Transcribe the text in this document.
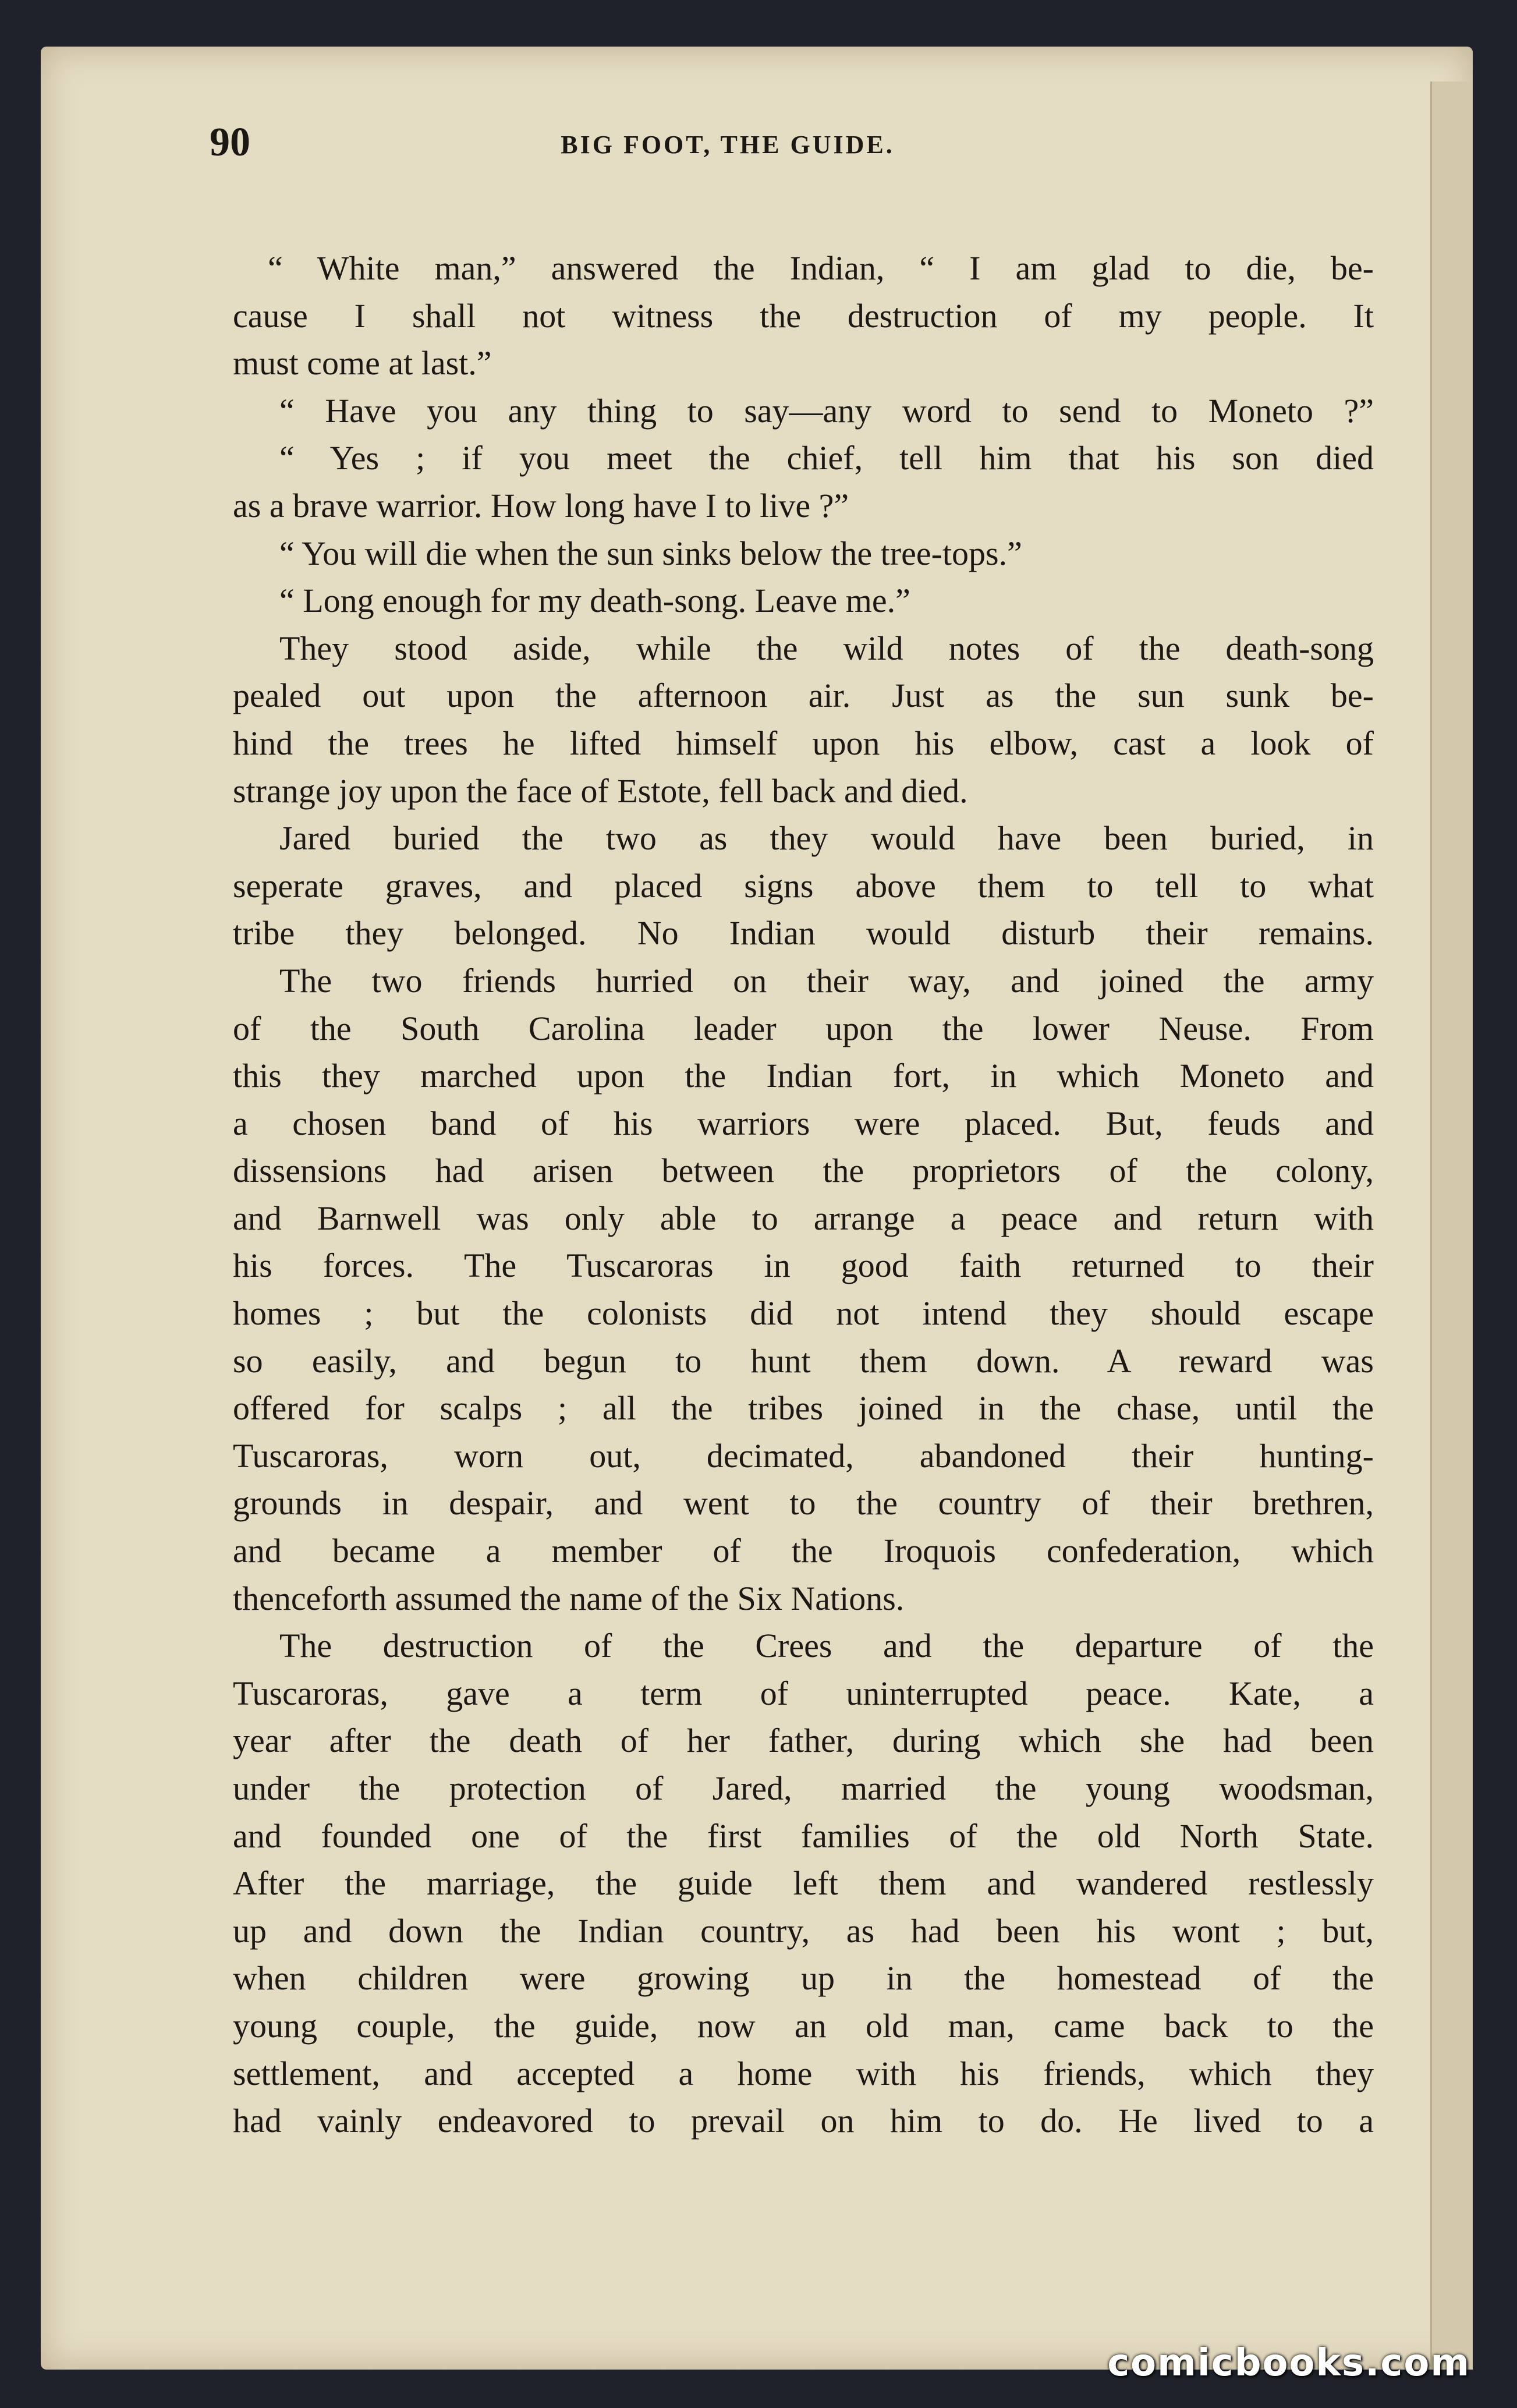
90	BIG FOOT, THE GUIDE.
“ White man,” answered the Indian, “ I am glad to die, be-
cause I shall not witness the destruction of my people. It
must come at last.”
“ Have you any thing to say—any word to send to Moneto ?”
“ Yes ; if you meet the chief, tell him that his son died
as a brave warrior. How long have I to live ?”
“ You will die when the sun sinks below the tree-tops.”
“ Long enough for my death-song. Leave me.”
They stood aside, while the wild notes of the death-song
pealed out upon the afternoon air. Just as the sun sunk be-
hind the trees he lifted himself upon his elbow, cast a look of
strange joy upon the face of Estote, fell back and died.
Jared buried the two as they would have been buried, in
seperate graves, and placed signs above them to tell to what
tribe they belonged. No Indian would disturb their remains.
The two friends hurried on their way, and joined the army
of the South Carolina leader upon the lower Neuse. From
this they marched upon the Indian fort, in which Moneto and
a chosen band of his warriors were placed. But, feuds and
dissensions had arisen between the proprietors of the colony,
and Barnwell was only able to arrange a peace and return with
his forces. The Tuscaroras in good faith returned to their
homes ; but the colonists did not intend they should escape
so easily, and begun to hunt them down. A reward was
offered for scalps ; all the tribes joined in the chase, until the
Tuscaroras, worn out, decimated, abandoned their hunting-
grounds in despair, and went to the country of their brethren,
and became a member of the Iroquois confederation, which
thenceforth assumed the name of the Six Nations.
The destruction of the Crees and the departure of the
Tuscaroras, gave a term of uninterrupted peace. Kate, a
year after the death of her father, during which she had been
under the protection of Jared, married the young woodsman,
and founded one of the first families of the old North State.
After the marriage, the guide left them and wandered restlessly
up and down the Indian country, as had been his wont ; but,
when children were growing up in the homestead of the
young couple, the guide, now an old man, came back to the
settlement, and accepted a home with his friends, which they
had vainly endeavored to prevail on him to do. He lived to a
comicbooks.com
